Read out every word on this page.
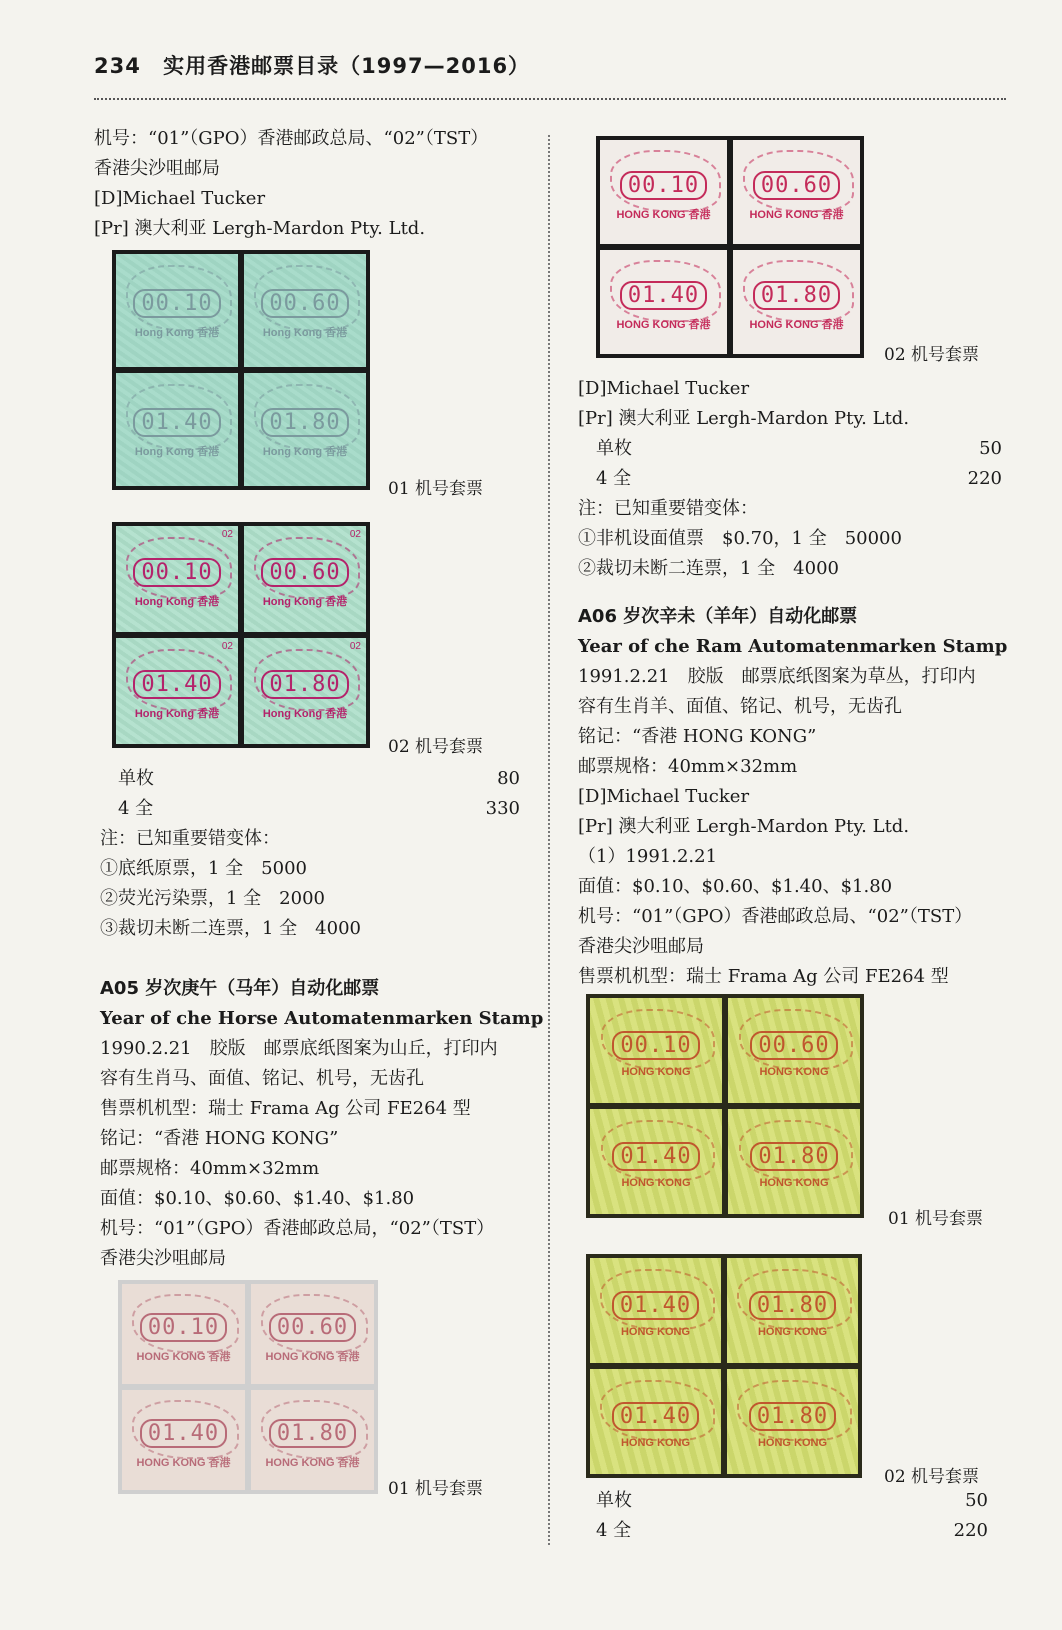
234 实用香港邮票目录（1997—2016）

机号：“01”（GPO）香港邮政总局、“02”（TST）

香港尖沙咀邮局

[D]Michael Tucker

[Pr] 澳大利亚 Lergh-Mardon Pty. Ltd.

00.10
Hong Kong 香港
00.60
Hong Kong 香港
01.40
Hong Kong 香港
01.80
Hong Kong 香港
01 机号套票
02
00.10
Hong Kong 香港
02
00.60
Hong Kong 香港
02
01.40
Hong Kong 香港
02
01.80
Hong Kong 香港
02 机号套票

单枚	80

4 全	330

注：已知重要错变体：

①底纸原票，1 全　5000

②荧光污染票，1 全　2000

③裁切未断二连票，1 全　4000

A05 岁次庚午（马年）自动化邮票

Year of che Horse Automatenmarken Stamp

1990.2.21　胶版　邮票底纸图案为山丘，打印内

容有生肖马、面值、铭记、机号，无齿孔

售票机机型：瑞士 Frama Ag 公司 FE264 型

铭记：“香港 HONG KONG”

邮票规格：40mm×32mm

面值：$0.10、$0.60、$1.40、$1.80

机号：“01”（GPO）香港邮政总局，“02”（TST）

香港尖沙咀邮局

00.10
HONG KONG 香港
00.60
HONG KONG 香港
01.40
HONG KONG 香港
01.80
HONG KONG 香港
01 机号套票
00.10
HONG KONG 香港
00.60
HONG KONG 香港
01.40
HONG KONG 香港
01.80
HONG KONG 香港
02 机号套票

[D]Michael Tucker

[Pr] 澳大利亚 Lergh-Mardon Pty. Ltd.

单枚	50

4 全	220

注：已知重要错变体：

①非机设面值票　$0.70，1 全　50000

②裁切未断二连票，1 全　4000

A06 岁次辛未（羊年）自动化邮票

Year of che Ram Automatenmarken Stamp

1991.2.21　胶版　邮票底纸图案为草丛，打印内

容有生肖羊、面值、铭记、机号，无齿孔

铭记：“香港 HONG KONG”

邮票规格：40mm×32mm

[D]Michael Tucker

[Pr] 澳大利亚 Lergh-Mardon Pty. Ltd.

（1）1991.2.21

面值：$0.10、$0.60、$1.40、$1.80

机号：“01”（GPO）香港邮政总局、“02”（TST）

香港尖沙咀邮局

售票机机型：瑞士 Frama Ag 公司 FE264 型

00.10
HONG KONG
00.60
HONG KONG
01.40
HONG KONG
01.80
HONG KONG
01 机号套票
01.40
HONG KONG
01.80
HONG KONG
01.40
HONG KONG
01.80
HONG KONG
02 机号套票

单枚	50

4 全	220
